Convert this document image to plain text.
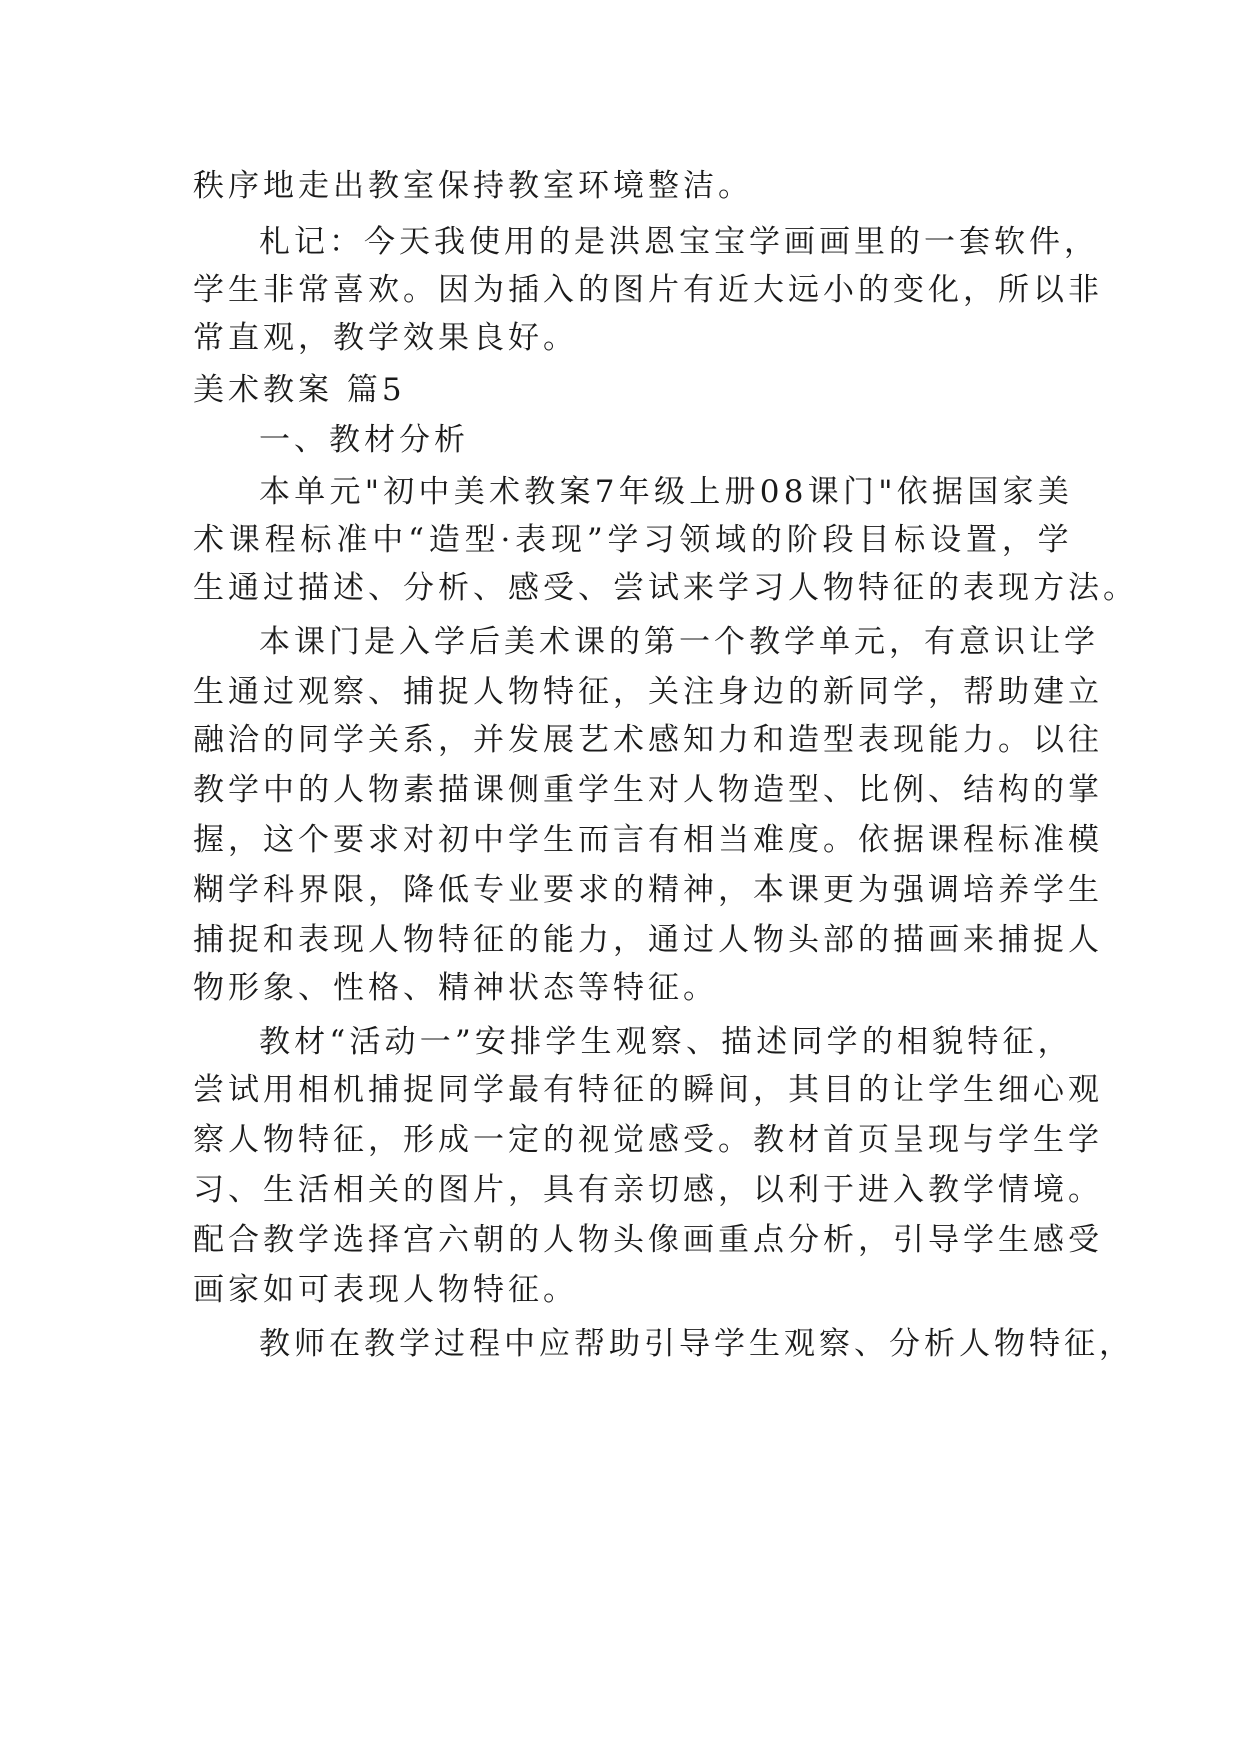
秩序地走出教室保持教室环境整洁。
札 记 ： 今 天 我 使 用 的 是 洪 恩 宝 宝 学 画 画 里 的 一 套 软 件 ，
学 生 非 常 喜 欢 。 因 为 插 入 的 图 片 有 近 大 远 小 的 变 化 ， 所 以 非
常直观，教学效果良好。
美术教案 篇5
一、教材分析
本 单 元 " 初 中 美 术 教 案 7 年 级 上 册 0 8 课 门 " 依 据 国 家 美
术 课 程 标 准 中 “ 造 型 · 表 现 ” 学 习 领 域 的 阶 段 目 标 设 置 ， 学
生 通 过 描 述 、 分 析 、 感 受 、 尝 试 来 学 习 人 物 特 征 的 表 现 方 法 。
本 课 门 是 入 学 后 美 术 课 的 第 一 个 教 学 单 元 ， 有 意 识 让 学
生 通 过 观 察 、 捕 捉 人 物 特 征 ， 关 注 身 边 的 新 同 学 ， 帮 助 建 立
融 洽 的 同 学 关 系 ， 并 发 展 艺 术 感 知 力 和 造 型 表 现 能 力 。 以 往
教 学 中 的 人 物 素 描 课 侧 重 学 生 对 人 物 造 型 、 比 例 、 结 构 的 掌
握 ， 这 个 要 求 对 初 中 学 生 而 言 有 相 当 难 度 。 依 据 课 程 标 准 模
糊 学 科 界 限 ， 降 低 专 业 要 求 的 精 神 ， 本 课 更 为 强 调 培 养 学 生
捕 捉 和 表 现 人 物 特 征 的 能 力 ， 通 过 人 物 头 部 的 描 画 来 捕 捉 人
物形象、性格、精神状态等特征。
教 材 “ 活 动 一 ” 安 排 学 生 观 察 、 描 述 同 学 的 相 貌 特 征 ，
尝 试 用 相 机 捕 捉 同 学 最 有 特 征 的 瞬 间 ， 其 目 的 让 学 生 细 心 观
察 人 物 特 征 ， 形 成 一 定 的 视 觉 感 受 。 教 材 首 页 呈 现 与 学 生 学
习 、 生 活 相 关 的 图 片 ， 具 有 亲 切 感 ， 以 利 于 进 入 教 学 情 境 。
配 合 教 学 选 择 宫 六 朝 的 人 物 头 像 画 重 点 分 析 ， 引 导 学 生 感 受
画家如可表现人物特征。
教 师 在 教 学 过 程 中 应 帮 助 引 导 学 生 观 察 、 分 析 人 物 特 征 ，
